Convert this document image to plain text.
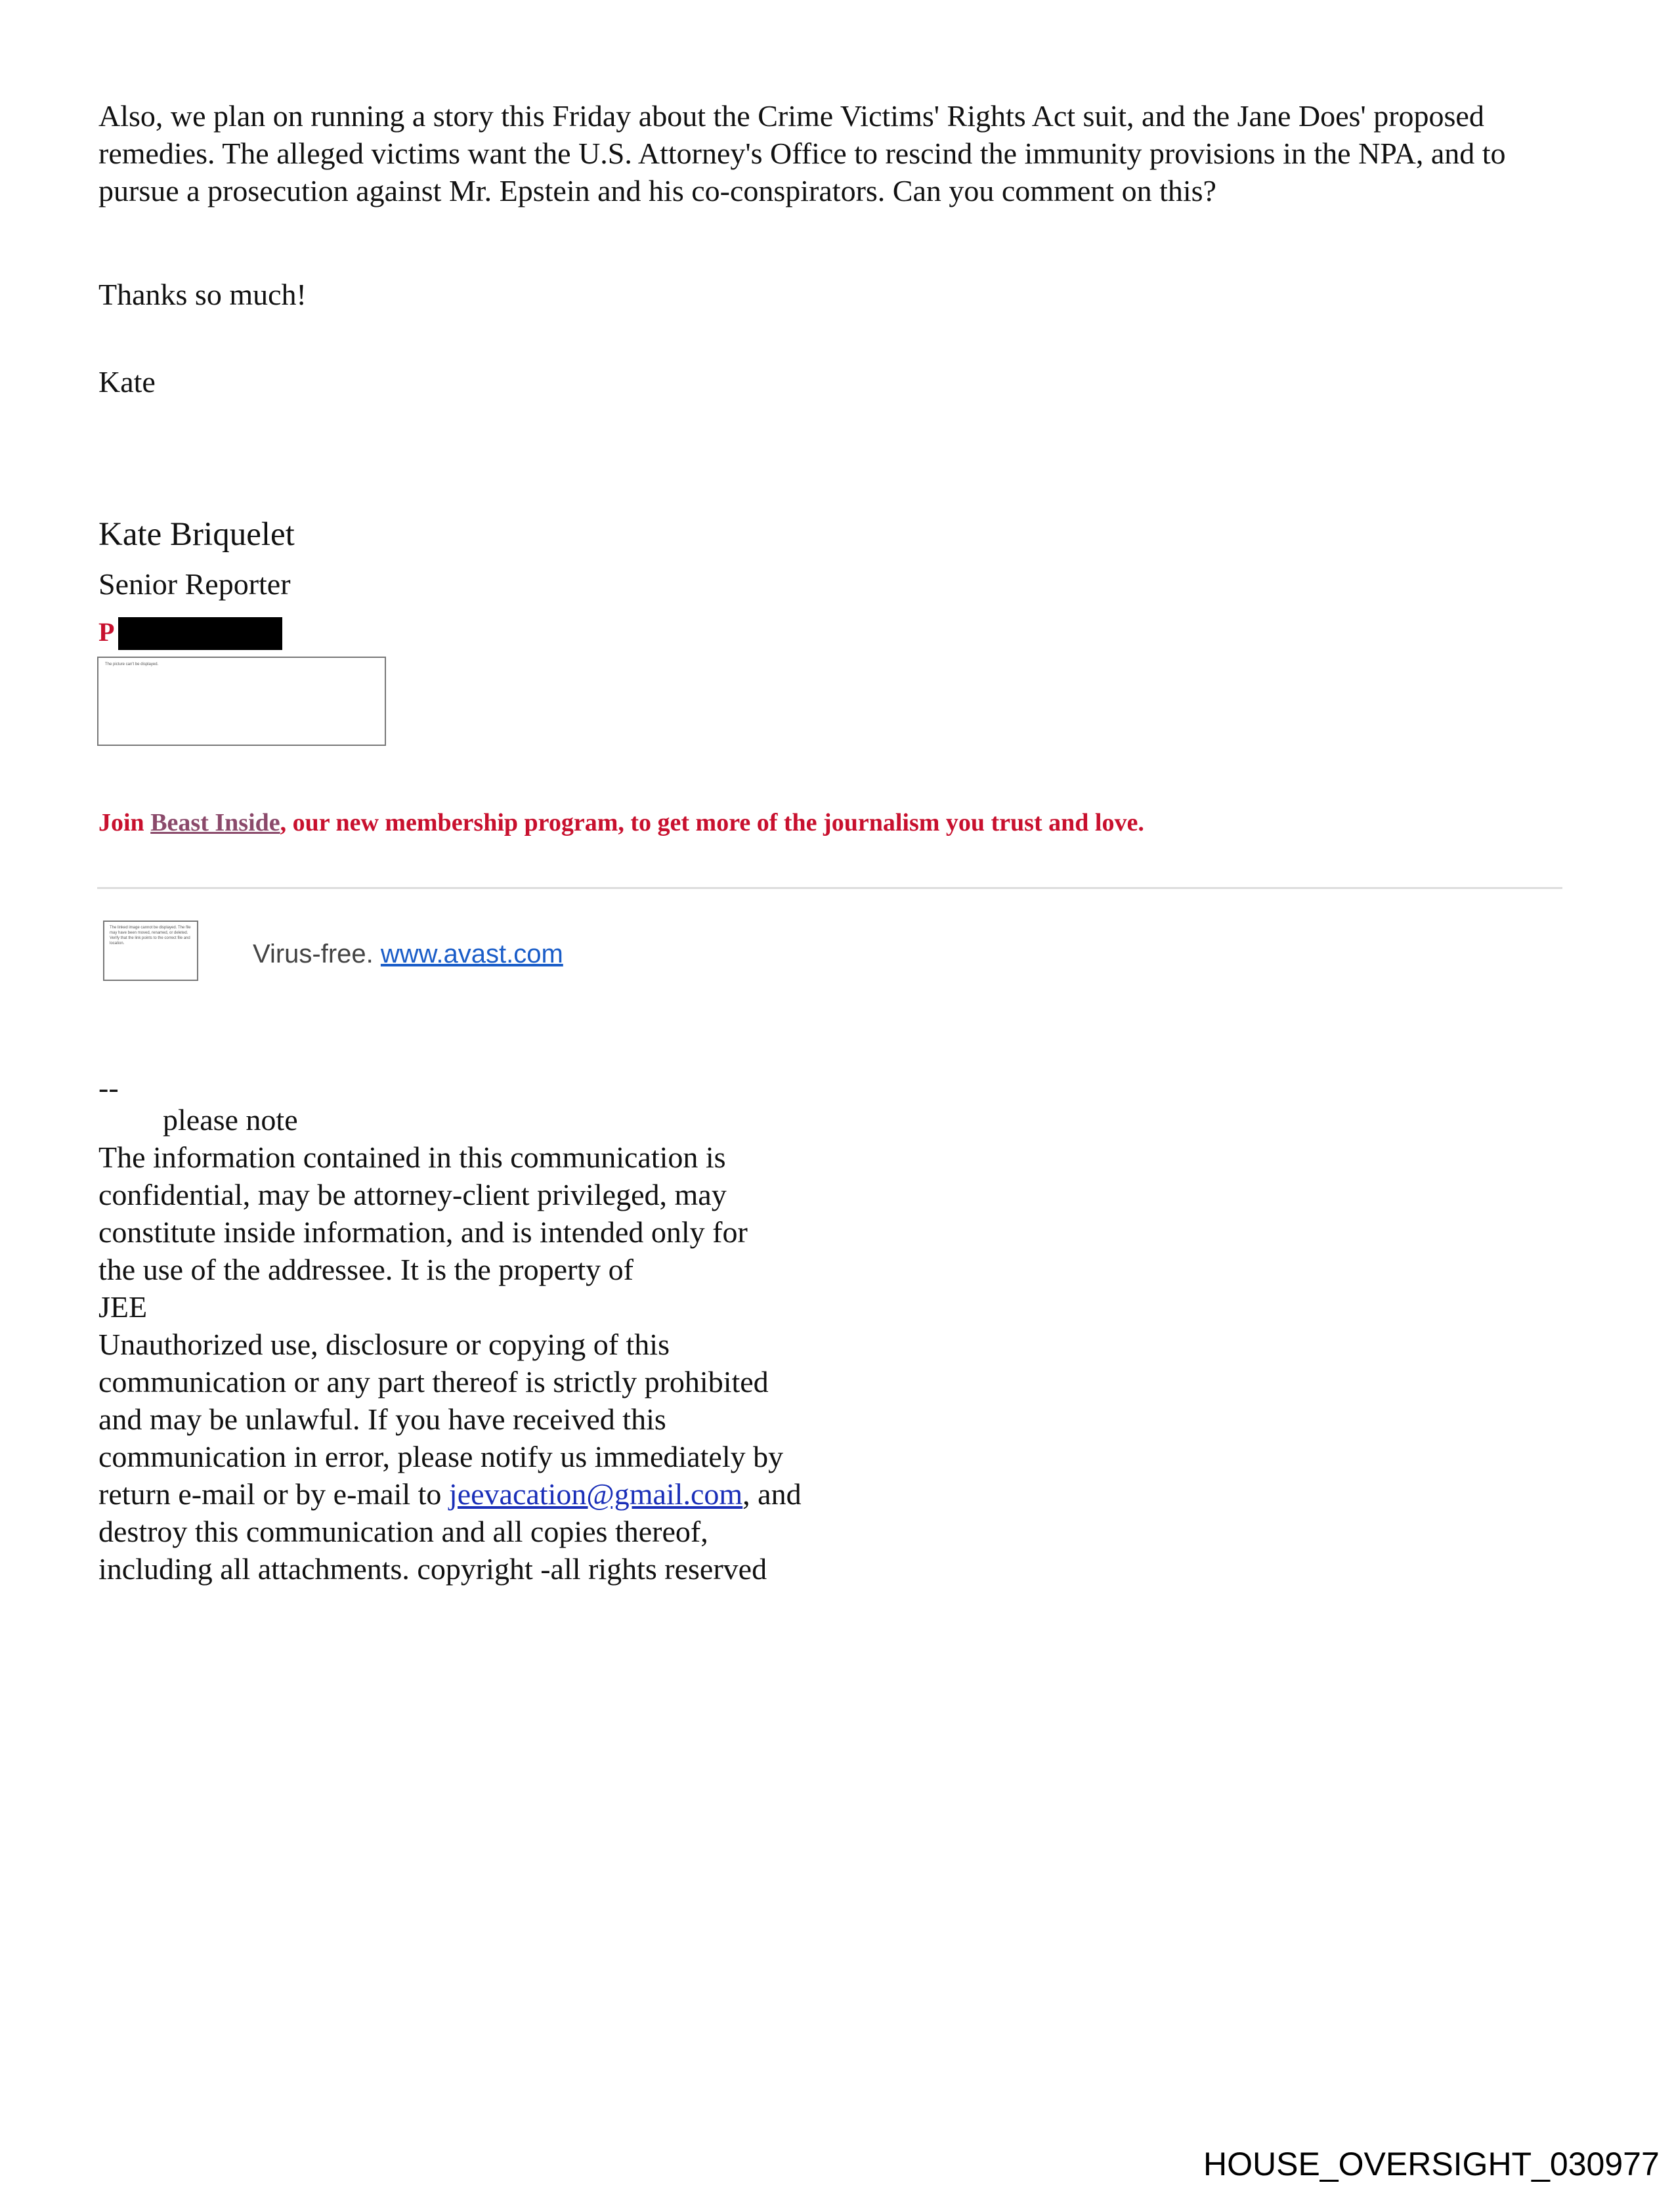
Also, we plan on running a story this Friday about the Crime Victims' Rights Act suit, and the Jane Does' proposed remedies. The alleged victims want the U.S. Attorney's Office to rescind the immunity provisions in the NPA, and to pursue a prosecution against Mr. Epstein and his co-conspirators. Can you comment on this?
Thanks so much!
Kate
Kate Briquelet
Senior Reporter
P
The picture can't be displayed.
Join Beast Inside, our new membership program, to get more of the journalism you trust and love.
The linked image cannot be displayed. The file may have been moved, renamed, or deleted. Verify that the link points to the correct file and location.	Virus-free. www.avast.com
--
please note
The information contained in this communication is
confidential, may be attorney-client privileged, may
constitute inside information, and is intended only for
the use of the addressee. It is the property of
JEE
Unauthorized use, disclosure or copying of this
communication or any part thereof is strictly prohibited
and may be unlawful. If you have received this
communication in error, please notify us immediately by
return e-mail or by e-mail to jeevacation@gmail.com, and
destroy this communication and all copies thereof,
including all attachments. copyright -all rights reserved
HOUSE_OVERSIGHT_030977
